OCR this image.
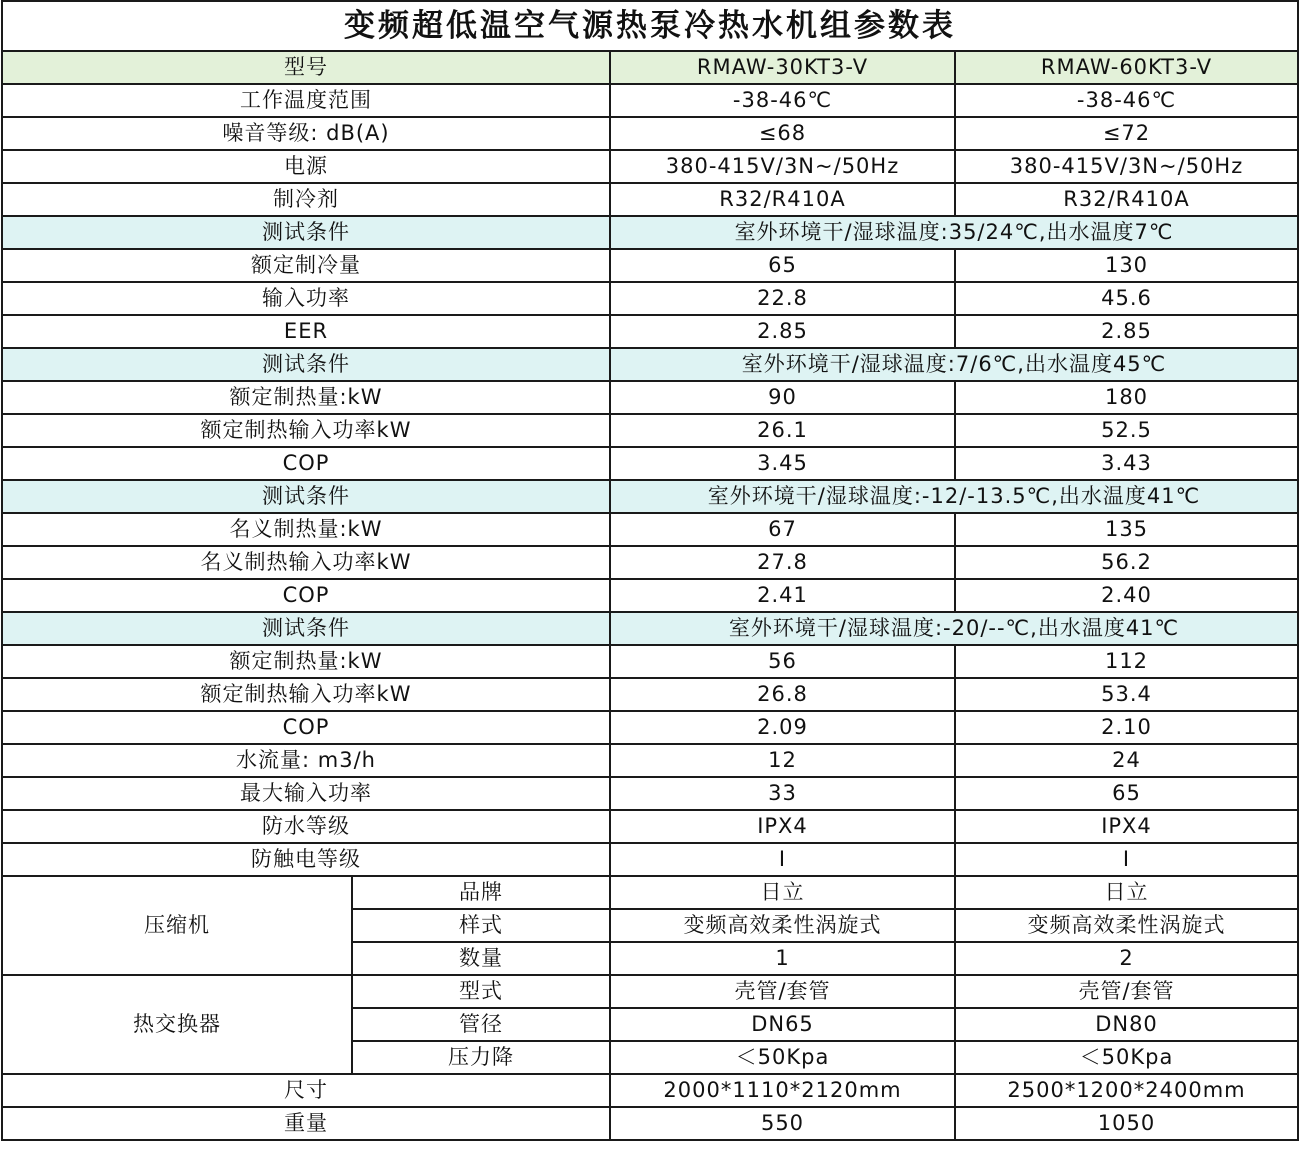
变频超低温空气源热泵冷热水机组参数表			
型号		RMAW-30KT3-V	RMAW-60KT3-V
工作温度范围		-38-46℃	-38-46℃
噪音等级: dB(A)		≤68	≤72
电源		380-415V/3N~/50Hz	380-415V/3N~/50Hz
制冷剂		R32/R410A	R32/R410A
测试条件		室外环境干/湿球温度:35/24℃,出水温度7℃	
额定制冷量		65	130
输入功率		22.8	45.6
EER		2.85	2.85
测试条件		室外环境干/湿球温度:7/6℃,出水温度45℃	
额定制热量:kW		90	180
额定制热输入功率kW		26.1	52.5
COP		3.45	3.43
测试条件		室外环境干/湿球温度:-12/-13.5℃,出水温度41℃	
名义制热量:kW		67	135
名义制热输入功率kW		27.8	56.2
COP		2.41	2.40
测试条件		室外环境干/湿球温度:-20/--℃,出水温度41℃	
额定制热量:kW		56	112
额定制热输入功率kW		26.8	53.4
COP		2.09	2.10
水流量: m3/h		12	24
最大输入功率		33	65
防水等级		IPX4	IPX4
防触电等级		I	I
压缩机	品牌	日立	日立
	样式	变频高效柔性涡旋式	变频高效柔性涡旋式
	数量	1	2
热交换器	型式	壳管/套管	壳管/套管
	管径	DN65	DN80
	压力降	＜50Kpa	＜50Kpa
尺寸		2000*1110*2120mm	2500*1200*2400mm
重量		550	1050
